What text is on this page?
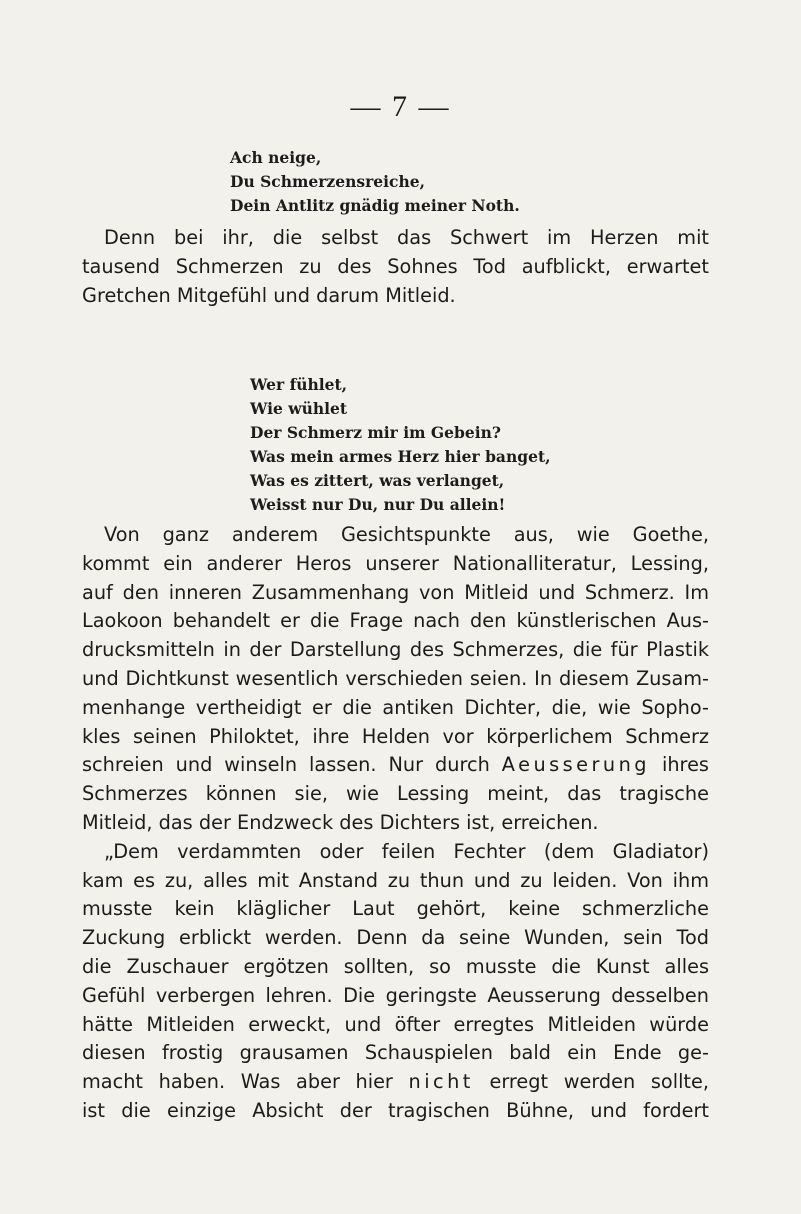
— 7 —
Ach neige,
Du Schmerzensreiche,
Dein Antlitz gnädig meiner Noth.
Denn bei ihr, die selbst das Schwert im Herzen mit
tausend Schmerzen zu des Sohnes Tod aufblickt, erwartet
Gretchen Mitgefühl und darum Mitleid.
Wer fühlet,
Wie wühlet
Der Schmerz mir im Gebein?
Was mein armes Herz hier banget,
Was es zittert, was verlanget,
Weisst nur Du, nur Du allein!
Von ganz anderem Gesichtspunkte aus, wie Goethe,
kommt ein anderer Heros unserer Nationalliteratur, Lessing,
auf den inneren Zusammenhang von Mitleid und Schmerz. Im
Laokoon behandelt er die Frage nach den künstlerischen Aus-
drucksmitteln in der Darstellung des Schmerzes, die für Plastik
und Dichtkunst wesentlich verschieden seien. In diesem Zusam-
menhange vertheidigt er die antiken Dichter, die, wie Sopho-
kles seinen Philoktet, ihre Helden vor körperlichem Schmerz
schreien und winseln lassen. Nur durch Aeusserung ihres
Schmerzes können sie, wie Lessing meint, das tragische
Mitleid, das der Endzweck des Dichters ist, erreichen.
„Dem verdammten oder feilen Fechter (dem Gladiator)
kam es zu, alles mit Anstand zu thun und zu leiden. Von ihm
musste kein kläglicher Laut gehört, keine schmerzliche
Zuckung erblickt werden. Denn da seine Wunden, sein Tod
die Zuschauer ergötzen sollten, so musste die Kunst alles
Gefühl verbergen lehren. Die geringste Aeusserung desselben
hätte Mitleiden erweckt, und öfter erregtes Mitleiden würde
diesen frostig grausamen Schauspielen bald ein Ende ge-
macht haben. Was aber hier nicht erregt werden sollte,
ist die einzige Absicht der tragischen Bühne, und fordert
